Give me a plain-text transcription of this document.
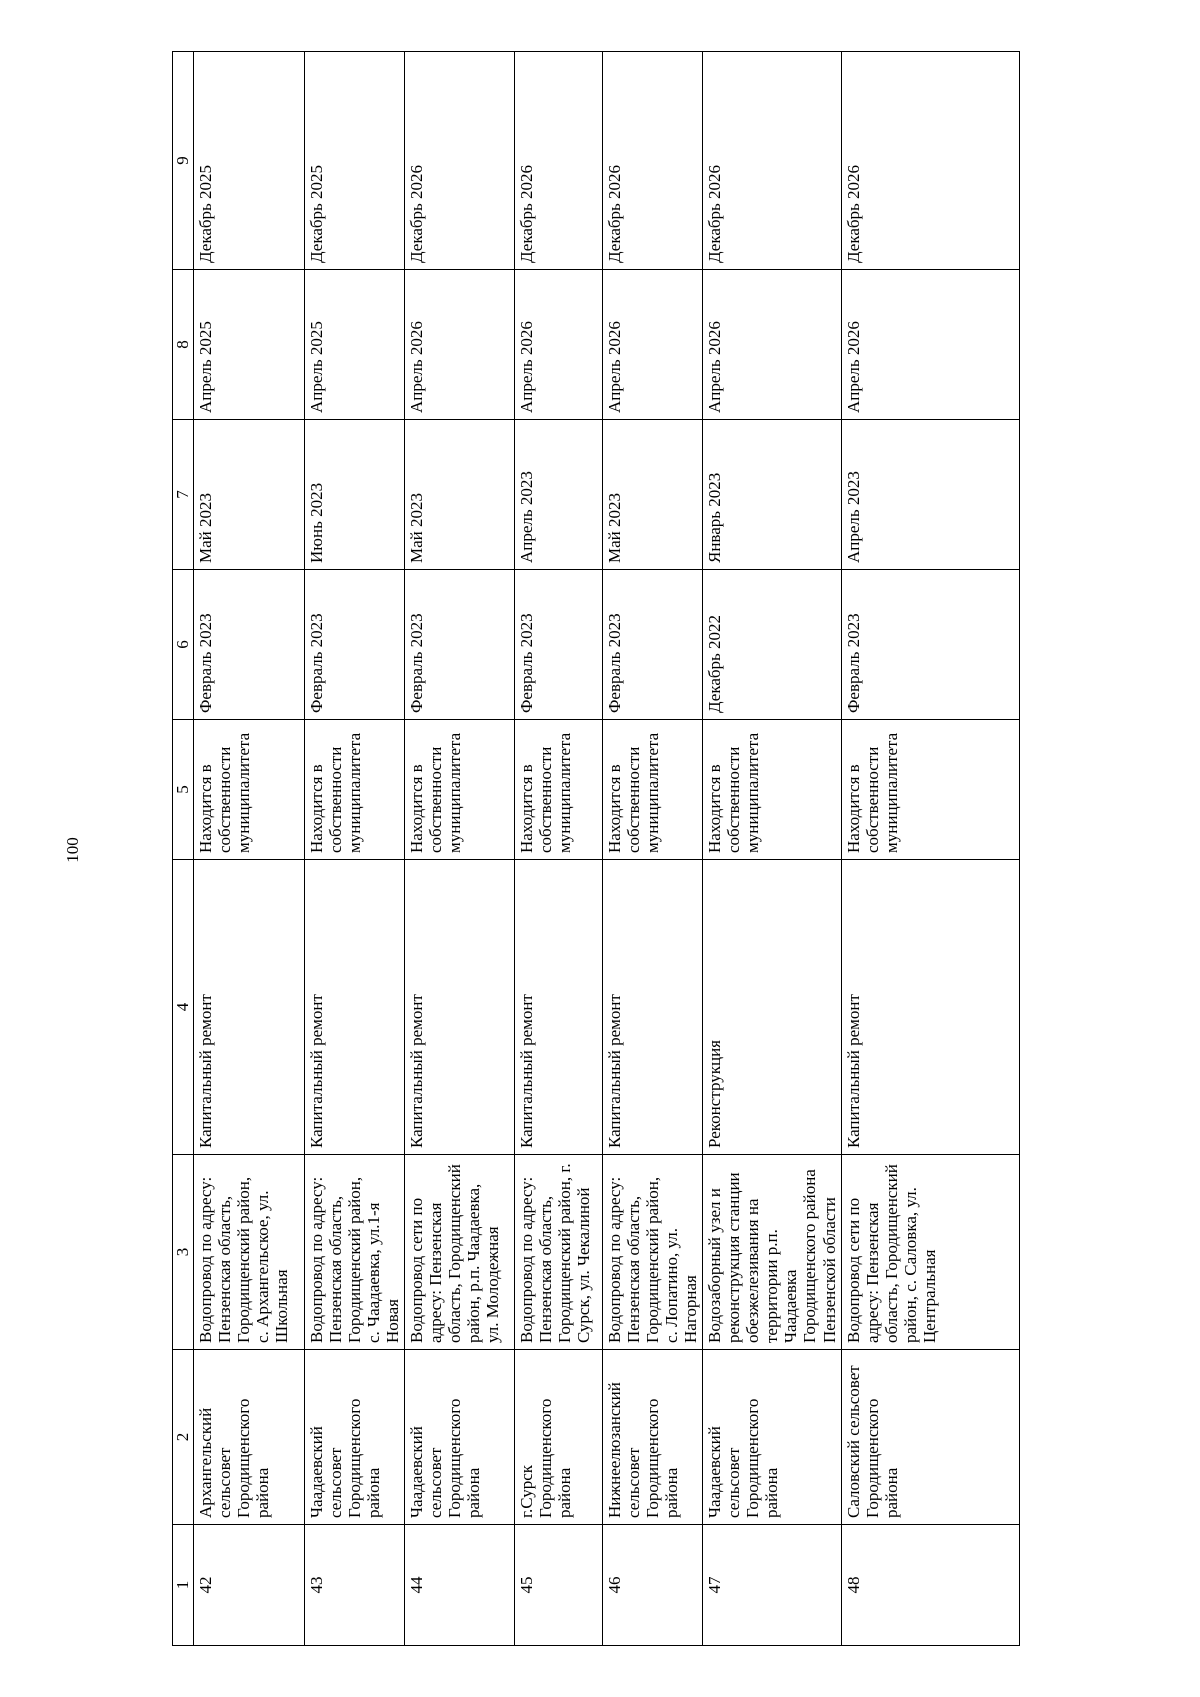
100
1	2	3	4	5	6	7	8	9
42	Архангельский сельсовет Городищенского района	Водопровод по адресу: Пензенская область, Городищенский район, с. Архангельское, ул. Школьная	Капитальный ремонт	Находится в собственности муниципалитета	Февраль 2023	Май 2023	Апрель 2025	Декабрь 2025
43	Чаадаевский сельсовет Городищенского района	Водопровод по адресу: Пензенская область, Городищенский район, с. Чаадаевка, ул.1-я Новая	Капитальный ремонт	Находится в собственности муниципалитета	Февраль 2023	Июнь 2023	Апрель 2025	Декабрь 2025
44	Чаадаевский сельсовет Городищенского района	Водопровод сети по адресу: Пензенская область, Городищенский район, р.п. Чаадаевка, ул. Молодежная	Капитальный ремонт	Находится в собственности муниципалитета	Февраль 2023	Май 2023	Апрель 2026	Декабрь 2026
45	г.Сурск Городищенского района	Водопровод по адресу: Пензенская область, Городищенский район, г. Сурск, ул. Чекалиной	Капитальный ремонт	Находится в собственности муниципалитета	Февраль 2023	Апрель 2023	Апрель 2026	Декабрь 2026
46	Нижнеелюзанский сельсовет Городищенского района	Водопровод по адресу: Пензенская область, Городищенский район, с. Лопатино, ул. Нагорная	Капитальный ремонт	Находится в собственности муниципалитета	Февраль 2023	Май 2023	Апрель 2026	Декабрь 2026
47	Чаадаевский сельсовет Городищенского района	Водозаборный узел и реконструкция станции обезжелезивания на территории р.п. Чаадаевка Городищенского района Пензенской области	Реконструкция	Находится в собственности муниципалитета	Декабрь 2022	Январь 2023	Апрель 2026	Декабрь 2026
48	Саловский сельсовет Городищенского района	Водопровод сети по адресу: Пензенская область, Городищенский район, с. Саловка, ул. Центральная	Капитальный ремонт	Находится в собственности муниципалитета	Февраль 2023	Апрель 2023	Апрель 2026	Декабрь 2026
